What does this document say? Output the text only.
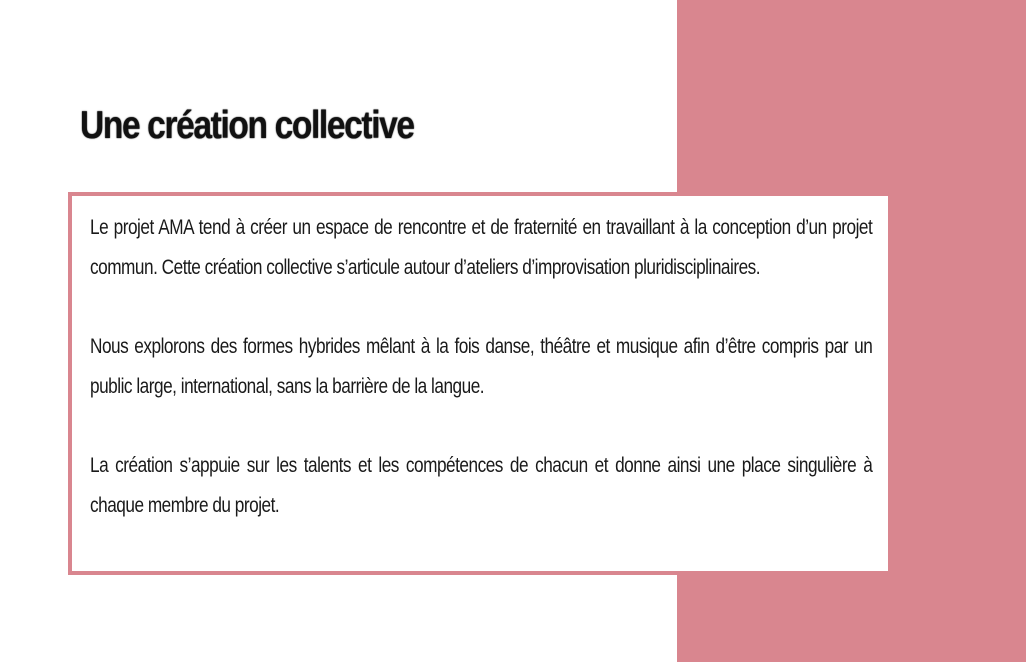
Une création collective

Le projet AMA tend à créer un espace de rencontre et de fraternité en travaillant à la conception d’un projet commun. Cette création collective s’articule autour d’ateliers d’improvisation pluridisciplinaires.

Nous explorons des formes hybrides mêlant à la fois danse, théâtre et musique afin d’être compris par un public large, international, sans la barrière de la langue.

La création s’appuie sur les talents et les compétences de chacun et donne ainsi une place singulière à chaque membre du projet.
